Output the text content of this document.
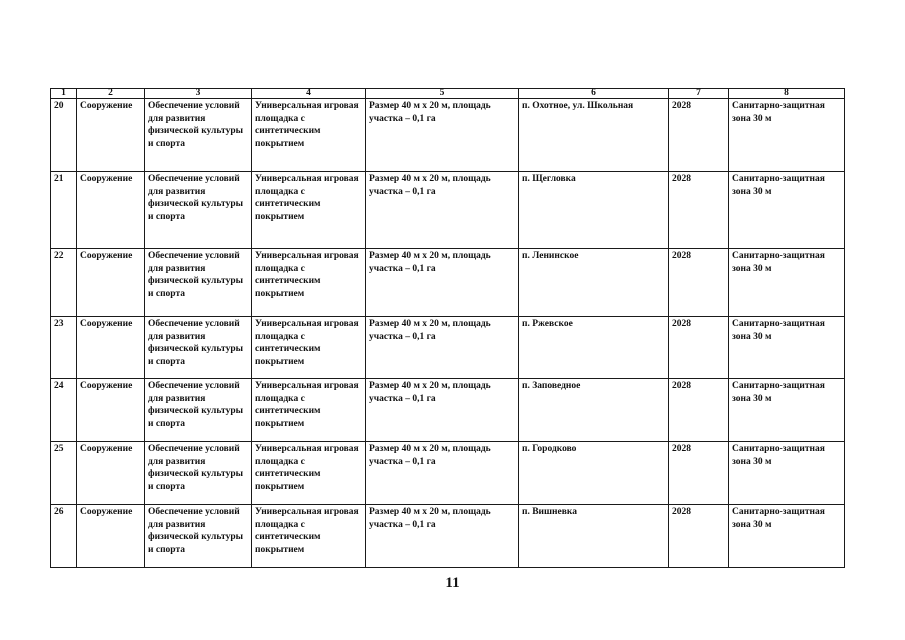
1	2	3	4	5	6	7	8
20	Сооружение	Обеспечение условий для развития физической культуры и спорта	Универсальная игровая площадка с синтетическим покрытием	Размер 40 м x 20 м, площадь участка – 0,1 га	п. Охотное, ул. Школьная	2028	Санитарно-защитная зона 30 м
21	Сооружение	Обеспечение условий для развития физической культуры и спорта	Универсальная игровая площадка с синтетическим покрытием	Размер 40 м x 20 м, площадь участка – 0,1 га	п. Щегловка	2028	Санитарно-защитная зона 30 м
22	Сооружение	Обеспечение условий для развития физической культуры и спорта	Универсальная игровая площадка с синтетическим покрытием	Размер 40 м x 20 м, площадь участка – 0,1 га	п. Ленинское	2028	Санитарно-защитная зона 30 м
23	Сооружение	Обеспечение условий для развития физической культуры и спорта	Универсальная игровая площадка с синтетическим покрытием	Размер 40 м x 20 м, площадь участка – 0,1 га	п. Ржевское	2028	Санитарно-защитная зона 30 м
24	Сооружение	Обеспечение условий для развития физической культуры и спорта	Универсальная игровая площадка с синтетическим покрытием	Размер 40 м x 20 м, площадь участка – 0,1 га	п. Заповедное	2028	Санитарно-защитная зона 30 м
25	Сооружение	Обеспечение условий для развития физической культуры и спорта	Универсальная игровая площадка с синтетическим покрытием	Размер 40 м x 20 м, площадь участка – 0,1 га	п. Городково	2028	Санитарно-защитная зона 30 м
26	Сооружение	Обеспечение условий для развития физической культуры и спорта	Универсальная игровая площадка с синтетическим покрытием	Размер 40 м x 20 м, площадь участка – 0,1 га	п. Вишневка	2028	Санитарно-защитная зона 30 м
11
